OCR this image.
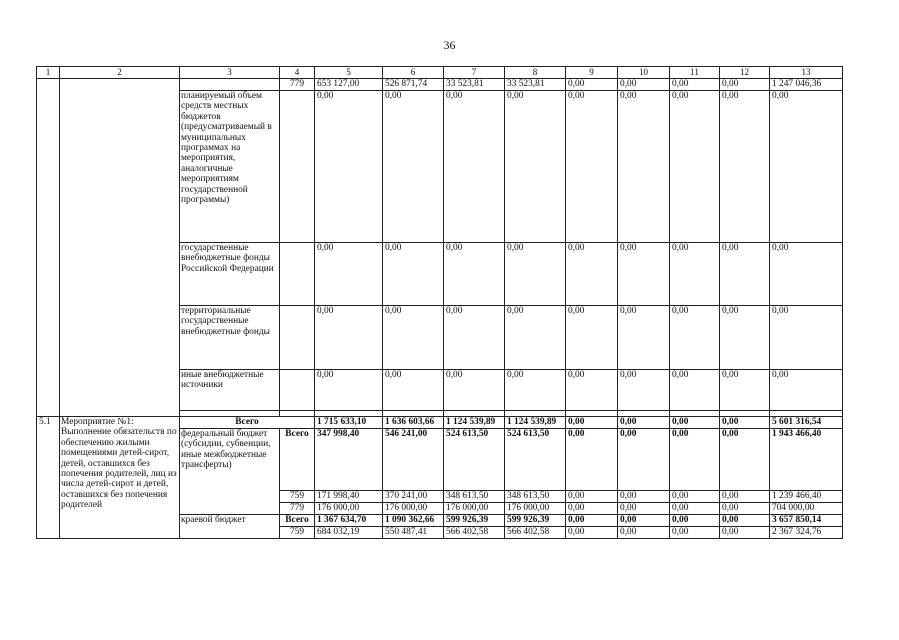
36
1	2	3	4	5	6	7	8	9	10	11	12	13
			779	653 127,00	526 871,74	33 523,81	33 523,81	0,00	0,00	0,00	0,00	1 247 046,36
		планируемый объем средств местных бюджетов (предусматриваемый в муниципальных программах на мероприятия, аналогичные мероприятиям государственной программы)		0,00	0,00	0,00	0,00	0,00	0,00	0,00	0,00	0,00
		государственные внебюджетные фонды Российской Федерации		0,00	0,00	0,00	0,00	0,00	0,00	0,00	0,00	0,00
		территориальные государственные внебюджетные фонды		0,00	0,00	0,00	0,00	0,00	0,00	0,00	0,00	0,00
		иные внебюджетные источники		0,00	0,00	0,00	0,00	0,00	0,00	0,00	0,00	0,00

5.1	Мероприятие №1: Выполнение обязательств по обеспечению жилыми помещениями детей-сирот, детей, оставшихся без попечения родителей, лиц из числа детей-сирот и детей, оставшихся без попечения родителей	Всего		1 715 633,10	1 636 603,66	1 124 539,89	1 124 539,89	0,00	0,00	0,00	0,00	5 601 316,54
		федеральный бюджет (субсидии, субвенции, иные межбюджетные трансферты)	Всего	347 998,40	546 241,00	524 613,50	524 613,50	0,00	0,00	0,00	0,00	1 943 466,40
			759	171 998,40	370 241,00	348 613,50	348 613,50	0,00	0,00	0,00	0,00	1 239 466,40
			779	176 000,00	176 000,00	176 000,00	176 000,00	0,00	0,00	0,00	0,00	704 000,00
		краевой бюджет	Всего	1 367 634,70	1 090 362,66	599 926,39	599 926,39	0,00	0,00	0,00	0,00	3 657 850,14
			759	684 032,19	550 487,41	566 402,58	566 402,58	0,00	0,00	0,00	0,00	2 367 324,76
